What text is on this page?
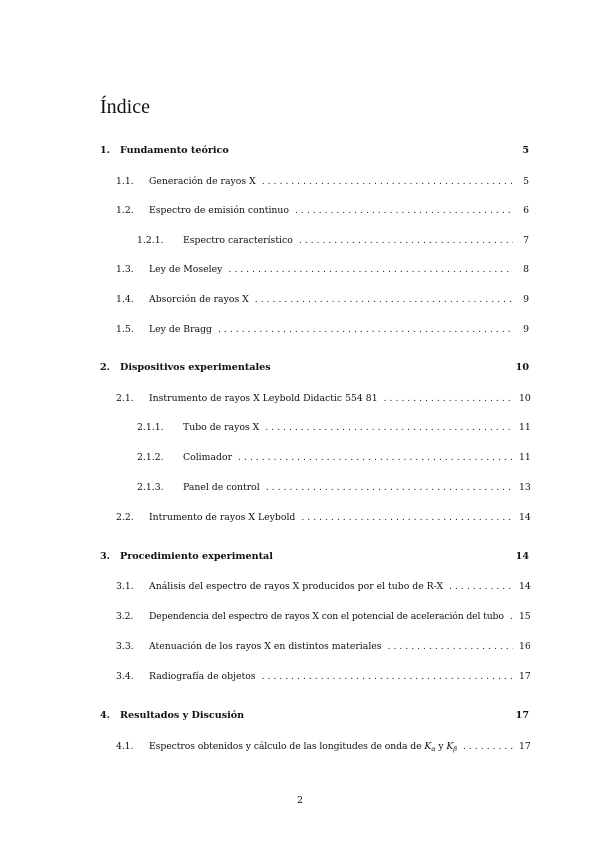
Índice
1.	Fundamento teórico	5
1.1.	Generación de rayos X . . .	5
1.2.	Espectro de emisión continuo . . .	6
1.2.1.	Espectro característico . . .	7
1.3.	Ley de Moseley . . .	8
1.4.	Absorción de rayos X . . .	9
1.5.	Ley de Bragg . . .	9
2.	Dispositivos experimentales	10
2.1.	Instrumento de rayos X Leybold Didactic 554 81 . . .	10
2.1.1.	Tubo de rayos X . . .	11
2.1.2.	Colimador . . .	11
2.1.3.	Panel de control . . .	13
2.2.	Intrumento de rayos X Leybold . . .	14
3.	Procedimiento experimental	14
3.1.	Análisis del espectro de rayos X producidos por el tubo de R-X . . .	14
3.2.	Dependencia del espectro de rayos X con el potencial de aceleración del tubo . . . 15
3.3.	Atenuación de los rayos X en distintos materiales . . .	16
3.4.	Radiografía de objetos . . .	17
4.	Resultados y Discusión	17
4.1.	Espectros obtenidos y cálculo de las longitudes de onda de $K_\alpha$ y $K_\beta$ . . .	17
2
